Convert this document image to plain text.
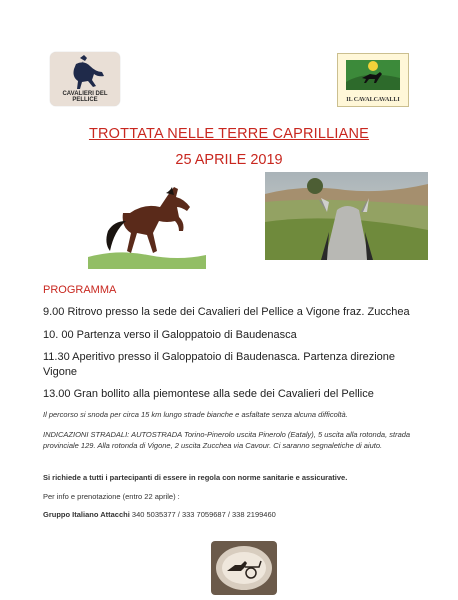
CAVALIERI DEL PELLICE	IL CAVALCAVALLI
TROTTATA NELLE TERRE CAPRILLIANE
25 APRILE 2019
PROGRAMMA
9.00 Ritrovo presso la sede dei Cavalieri del Pellice a Vigone fraz. Zucchea
10. 00 Partenza verso il Galoppatoio di Baudenasca
11.30 Aperitivo presso il Galoppatoio di Baudenasca. Partenza direzione Vigone
13.00 Gran bollito alla piemontese alla sede dei Cavalieri del Pellice
Il percorso si snoda per circa 15 km lungo strade bianche e asfaltate senza alcuna difficoltà.
INDICAZIONI STRADALI: AUTOSTRADA Torino-Pinerolo uscita Pinerolo (Eataly), 5 uscita alla rotonda, strada provinciale 129. Alla rotonda di Vigone, 2 uscita Zucchea via Cavour. Ci saranno segnaletiche di aiuto.
Si richiede a tutti i partecipanti di essere in regola con norme sanitarie e assicurative.
Per info e prenotazione (entro 22 aprile) :
Gruppo Italiano Attacchi 340 5035377 / 333 7059687 / 338 2199460
